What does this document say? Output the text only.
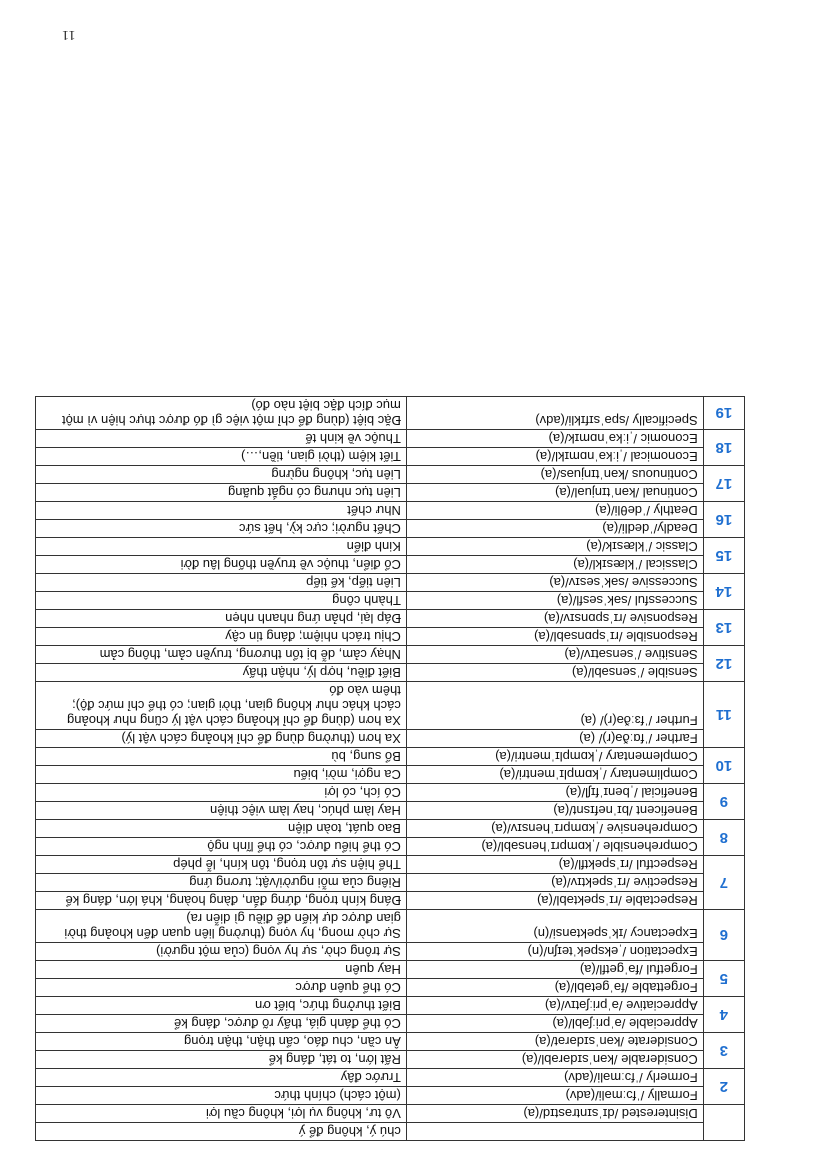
11
		chú ý, không để ý
	Disinterested /dɪˈsɪntrəstɪd/(a)	Vô tư, không vụ lợi, không cầu lợi
2	Formally /ˈfɔːməli/(adv)	(một cách) chính thức
	Formerly /ˈfɔːməli/(adv)	Trước đây
3	Considerable /kənˈsɪdərəbl/(a)	Rất lớn, to tát, đáng kể
	Considerate /kənˈsɪdərət/(a)	Ân cần, chu đáo, cẩn thận, thận trọng
4	Appreciable /əˈpriːʃəbl/(a)	Có thể đánh giá, thấy rõ được, đáng kể
	Appreciative /əˈpriːʃətɪv/(a)	Biết thưởng thức, biết ơn
5	Forgettable /fəˈgetəbl/(a)	Có thể quên được
	Forgetful /fəˈgetfl/(a)	Hay quên
6	Expectation /ˌekspekˈteɪʃn/(n)	Sự trông chờ, sự hy vọng (của một người)
	Expectancy /ɪkˈspektənsi/(n)	Sự chờ mong, hy vọng (thường liên quan đến khoảng thời gian được dự kiến để điều gì diễn ra)
7	Respectable /rɪˈspektəbl/(a)	Đáng kính trọng, đứng đắn, đàng hoàng, khá lớn, đáng kể
	Respective /rɪˈspektɪv/(a)	Riêng của mỗi người/vật; tương ứng
	Respectful /rɪˈspektfl/(a)	Thể hiện sự tôn trọng, tôn kính, lễ phép
8	Comprehensible /ˌkɒmprɪˈhensəbl/(a)	Có thể hiểu được, có thể lĩnh ngộ
	Comprehensive /ˌkɒmprɪˈhensɪv/(a)	Bao quát, toàn diện
9	Beneficent /bɪˈnefɪsnt/(a)	Hay làm phúc, hay làm việc thiện
	Beneficial /ˌbenɪˈfɪʃl/(a)	Có ích, có lợi
10	Complimentary /ˌkɒmplɪˈmentri/(a)	Ca ngợi, mời, biếu
	Complementary /ˌkɒmplɪˈmentri/(a)	Bổ sung, bù
11	Farther /ˈfɑːðə(r)/ (a)	Xa hơn (thường dùng để chỉ khoảng cách vật lý)
	Further /ˈfɜːðə(r)/ (a)	Xa hơn (dùng để chỉ khoảng cách vật lý cũng như khoảng cách khác như không gian, thời gian; có thể chỉ mức độ); thêm vào đó
12	Sensible /ˈsensəbl/(a)	Biết điều, hợp lý, nhận thấy
	Sensitive /ˈsensətɪv/(a)	Nhạy cảm, dễ bị tổn thương, truyền cảm, thông cảm
13	Responsible /rɪˈspɒnsəbl/(a)	Chịu trách nhiệm; đáng tin cậy
	Responsive /rɪˈspɒnsɪv/(a)	Đáp lại, phản ứng nhanh nhẹn
14	Successful /səkˈsesfl/(a)	Thành công
	Successive /səkˈsesɪv/(a)	Liên tiếp, kế tiếp
15	Classical /ˈklæsɪkl/(a)	Cổ điển, thuộc về truyền thống lâu đời
	Classic /ˈklæsɪk/(a)	Kinh điển
16	Deadly/ˈdedli/(a)	Chết người; cực kỳ, hết sức
	Deathly /ˈdeθli/(a)	Như chết
17	Continual /kənˈtɪnjuəl/(a)	Liên tục nhưng có ngắt quãng
	Continuous /kənˈtɪnjuəs/(a)	Liên tục, không ngừng
18	Economical /ˌiːkəˈnɒmɪkl/(a)	Tiết kiệm (thời gian, tiền,…)
	Economic /ˌiːkəˈnɒmɪk/(a)	Thuộc về kinh tế
19	Specifically /spəˈsɪfɪkli/(adv)	Đặc biệt (dùng để chỉ một việc gì đó được thực hiện vì một mục đích đặc biệt nào đó)
